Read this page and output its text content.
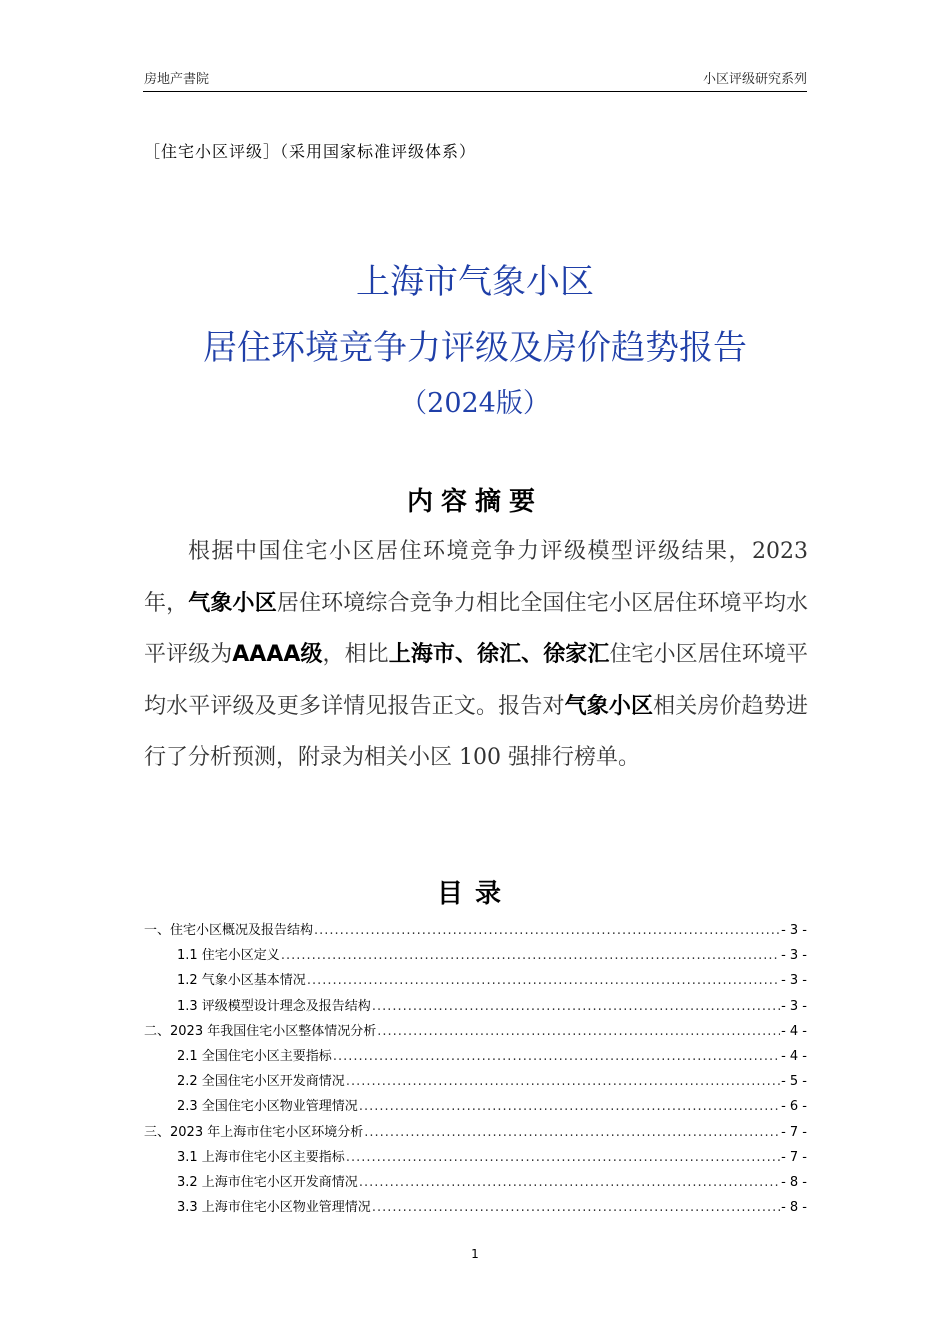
房地产書院	小区评级研究系列
［住宅小区评级］（采用国家标准评级体系）
上海市气象小区
居住环境竞争力评级及房价趋势报告
（2024版）
内容摘要

根据中国住宅小区居住环境竞争力评级模型评级结果，2023年，气象小区居住环境综合竞争力相比全国住宅小区居住环境平均水平评级为AAAA级，相比上海市、徐汇、徐家汇住宅小区居住环境平均水平评级及更多详情见报告正文。报告对气象小区相关房价趋势进行了分析预测，附录为相关小区 100 强排行榜单。

目录
一、住宅小区概况及报告结构 .....	- 3 -
1.1 住宅小区定义 .....	- 3 -
1.2 气象小区基本情况 .....	- 3 -
1.3 评级模型设计理念及报告结构 .....	- 3 -
二、2023 年我国住宅小区整体情况分析 .....	- 4 -
2.1 全国住宅小区主要指标 .....	- 4 -
2.2 全国住宅小区开发商情况 .....	- 5 -
2.3 全国住宅小区物业管理情况 .....	- 6 -
三、2023 年上海市住宅小区环境分析 .....	- 7 -
3.1 上海市住宅小区主要指标 .....	- 7 -
3.2 上海市住宅小区开发商情况 .....	- 8 -
3.3 上海市住宅小区物业管理情况 .....	- 8 -
1
